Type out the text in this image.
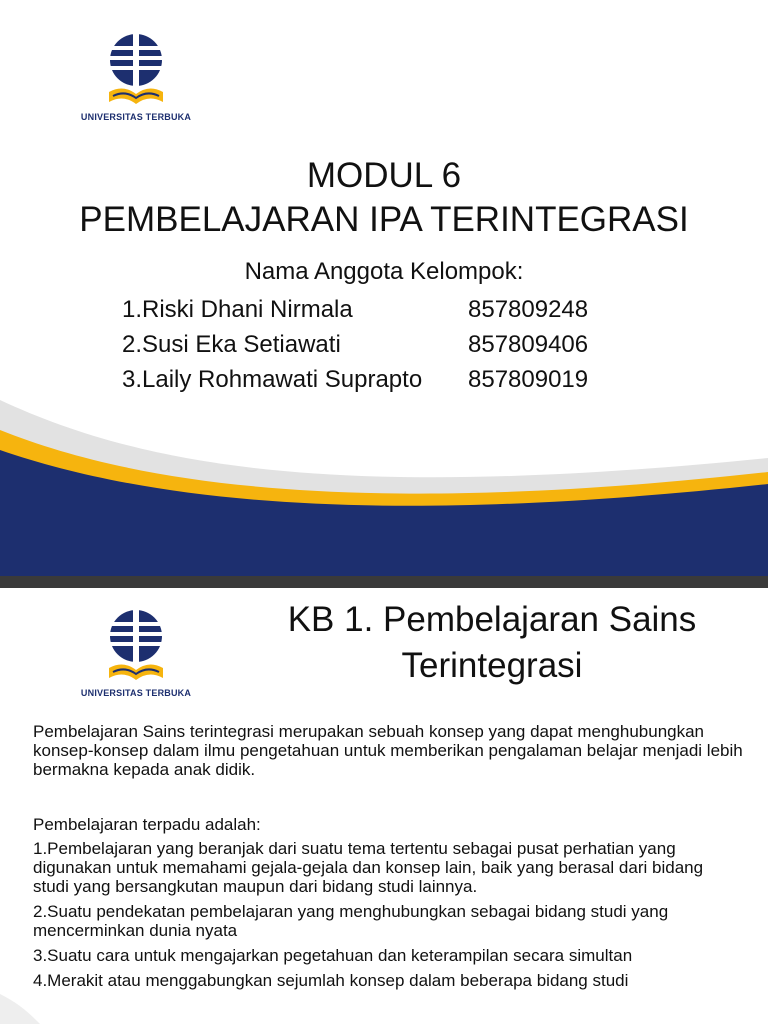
UNIVERSITAS TERBUKA
MODUL 6
PEMBELAJARAN IPA TERINTEGRASI
Nama Anggota Kelompok:
1.Riski Dhani Nirmala	857809248
2.Susi Eka Setiawati	857809406
3.Laily Rohmawati Suprapto	857809019
UNIVERSITAS TERBUKA
KB 1. Pembelajaran Sains
Terintegrasi

Pembelajaran Sains terintegrasi merupakan sebuah konsep yang dapat menghubungkan konsep-konsep dalam ilmu pengetahuan untuk memberikan pengalaman belajar menjadi lebih bermakna kepada anak didik.

Pembelajaran terpadu adalah:

1.Pembelajaran yang beranjak dari suatu tema tertentu sebagai pusat perhatian yang digunakan untuk memahami gejala-gejala dan konsep lain, baik yang berasal dari bidang studi yang bersangkutan maupun dari bidang studi lainnya.

2.Suatu pendekatan pembelajaran yang menghubungkan sebagai bidang studi yang mencerminkan dunia nyata

3.Suatu cara untuk mengajarkan pegetahuan dan keterampilan secara simultan

4.Merakit atau menggabungkan sejumlah konsep dalam beberapa bidang studi
